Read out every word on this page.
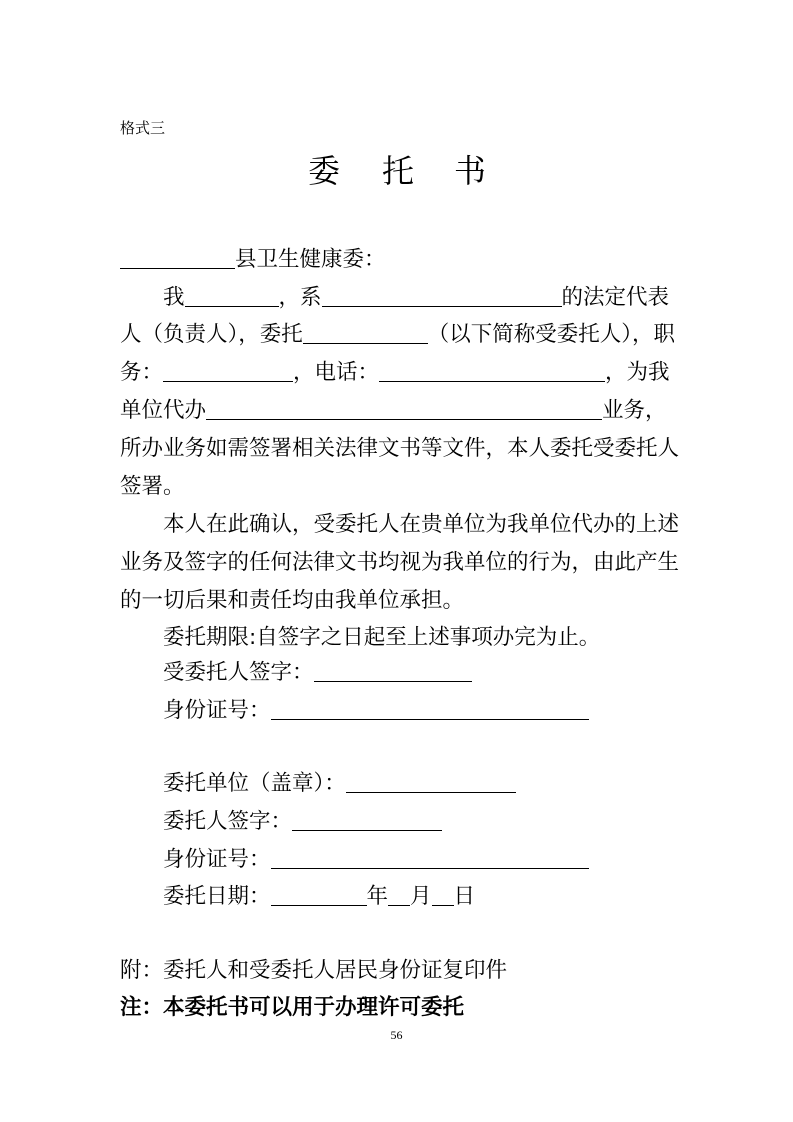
格式三
委 托 书
县卫生健康委：
我	，系	的法定代表
人（负责人），委托	（以下简称受委托人），职
务：	，电话：	，为我
单位代办	业务，
所办业务如需签署相关法律文书等文件，本人委托受委托人
签署。
本人在此确认，受委托人在贵单位为我单位代办的上述
业务及签字的任何法律文书均视为我单位的行为，由此产生
的一切后果和责任均由我单位承担。
委托期限:自签字之日起至上述事项办完为止。
受委托人签字：
身份证号：
委托单位（盖章）：
委托人签字：
身份证号：
委托日期：	年 月 日
附：委托人和受委托人居民身份证复印件
注：本委托书可以用于办理许可委托
56
